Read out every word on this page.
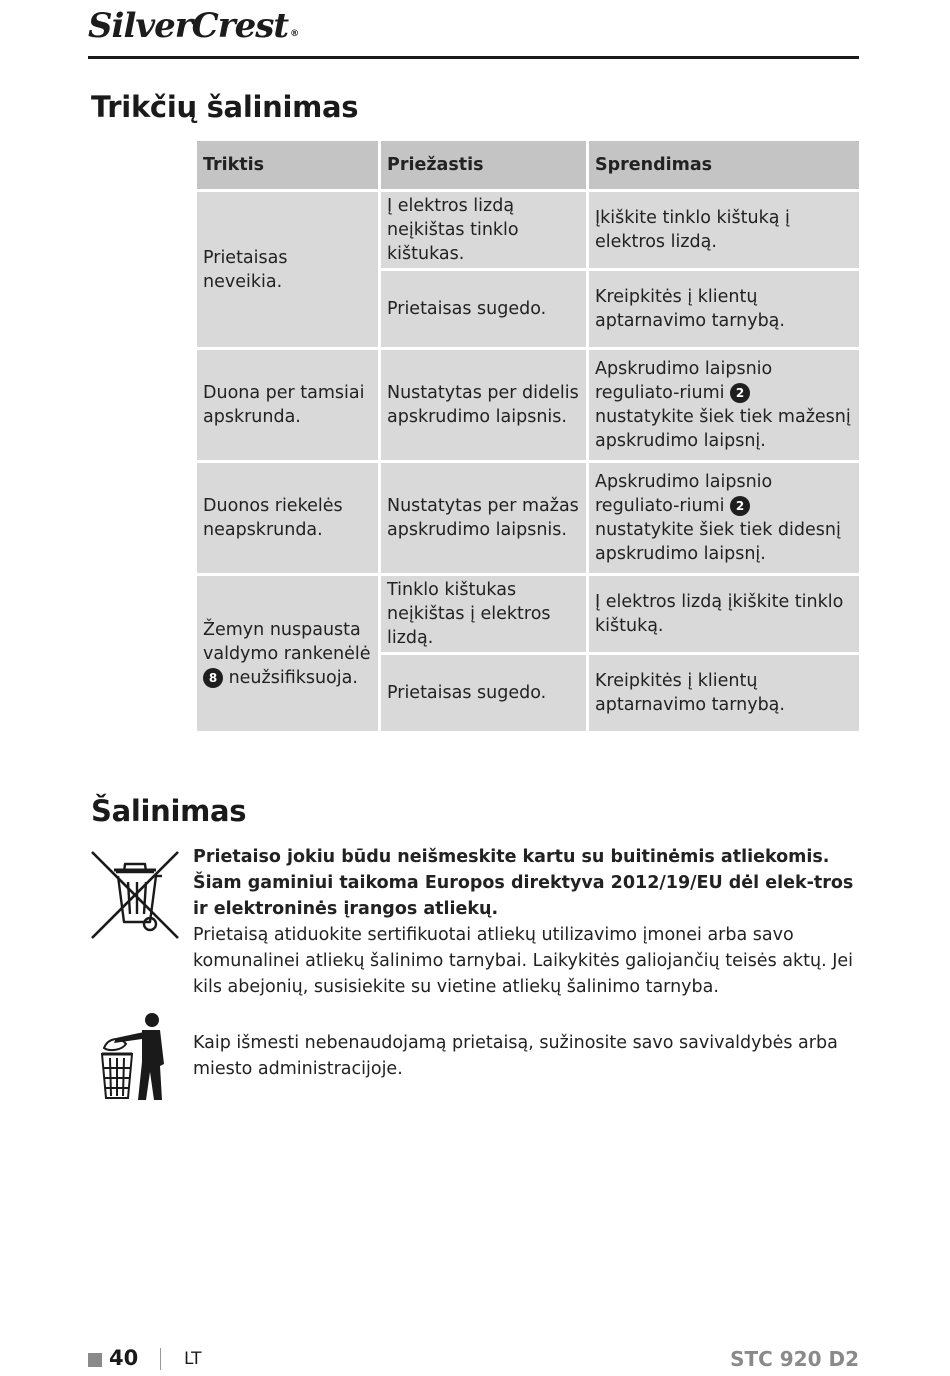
SilverCrest ®
Trikčių šalinimas
Triktis	Priežastis	Sprendimas
Prietaisas neveikia.	Į elektros lizdą neįkištas tinklo kištukas.	Įkiškite tinklo kištuką į elektros lizdą.
	Prietaisas sugedo.	Kreipkitės į klientų aptarnavimo tarnybą.
Duona per tamsiai apskrunda.	Nustatytas per didelis apskrudimo laipsnis.	Apskrudimo laipsnio reguliato-riumi 2 nustatykite šiek tiek mažesnį apskrudimo laipsnį.
Duonos riekelės neapskrunda.	Nustatytas per mažas apskrudimo laipsnis.	Apskrudimo laipsnio reguliato-riumi 2 nustatykite šiek tiek didesnį apskrudimo laipsnį.
Žemyn nuspausta valdymo rankenėlė 8 neužsifiksuoja.	Tinklo kištukas neįkištas į elektros lizdą.	Į elektros lizdą įkiškite tinklo kištuką.
	Prietaisas sugedo.	Kreipkitės į klientų aptarnavimo tarnybą.
Šalinimas
Prietaiso jokiu būdu neišmeskite kartu su buitinėmis atliekomis. Šiam gaminiui taikoma Europos direktyva 2012/19/EU dėl elek-tros ir elektroninės įrangos atliekų.
Prietaisą atiduokite sertifikuotai atliekų utilizavimo įmonei arba savo komunalinei atliekų šalinimo tarnybai. Laikykitės galiojančių teisės aktų. Jei kils abejonių, susisiekite su vietine atliekų šalinimo tarnyba.
Kaip išmesti nebenaudojamą prietaisą, sužinosite savo savivaldybės arba miesto administracijoje.
40	LT	STC 920 D2
